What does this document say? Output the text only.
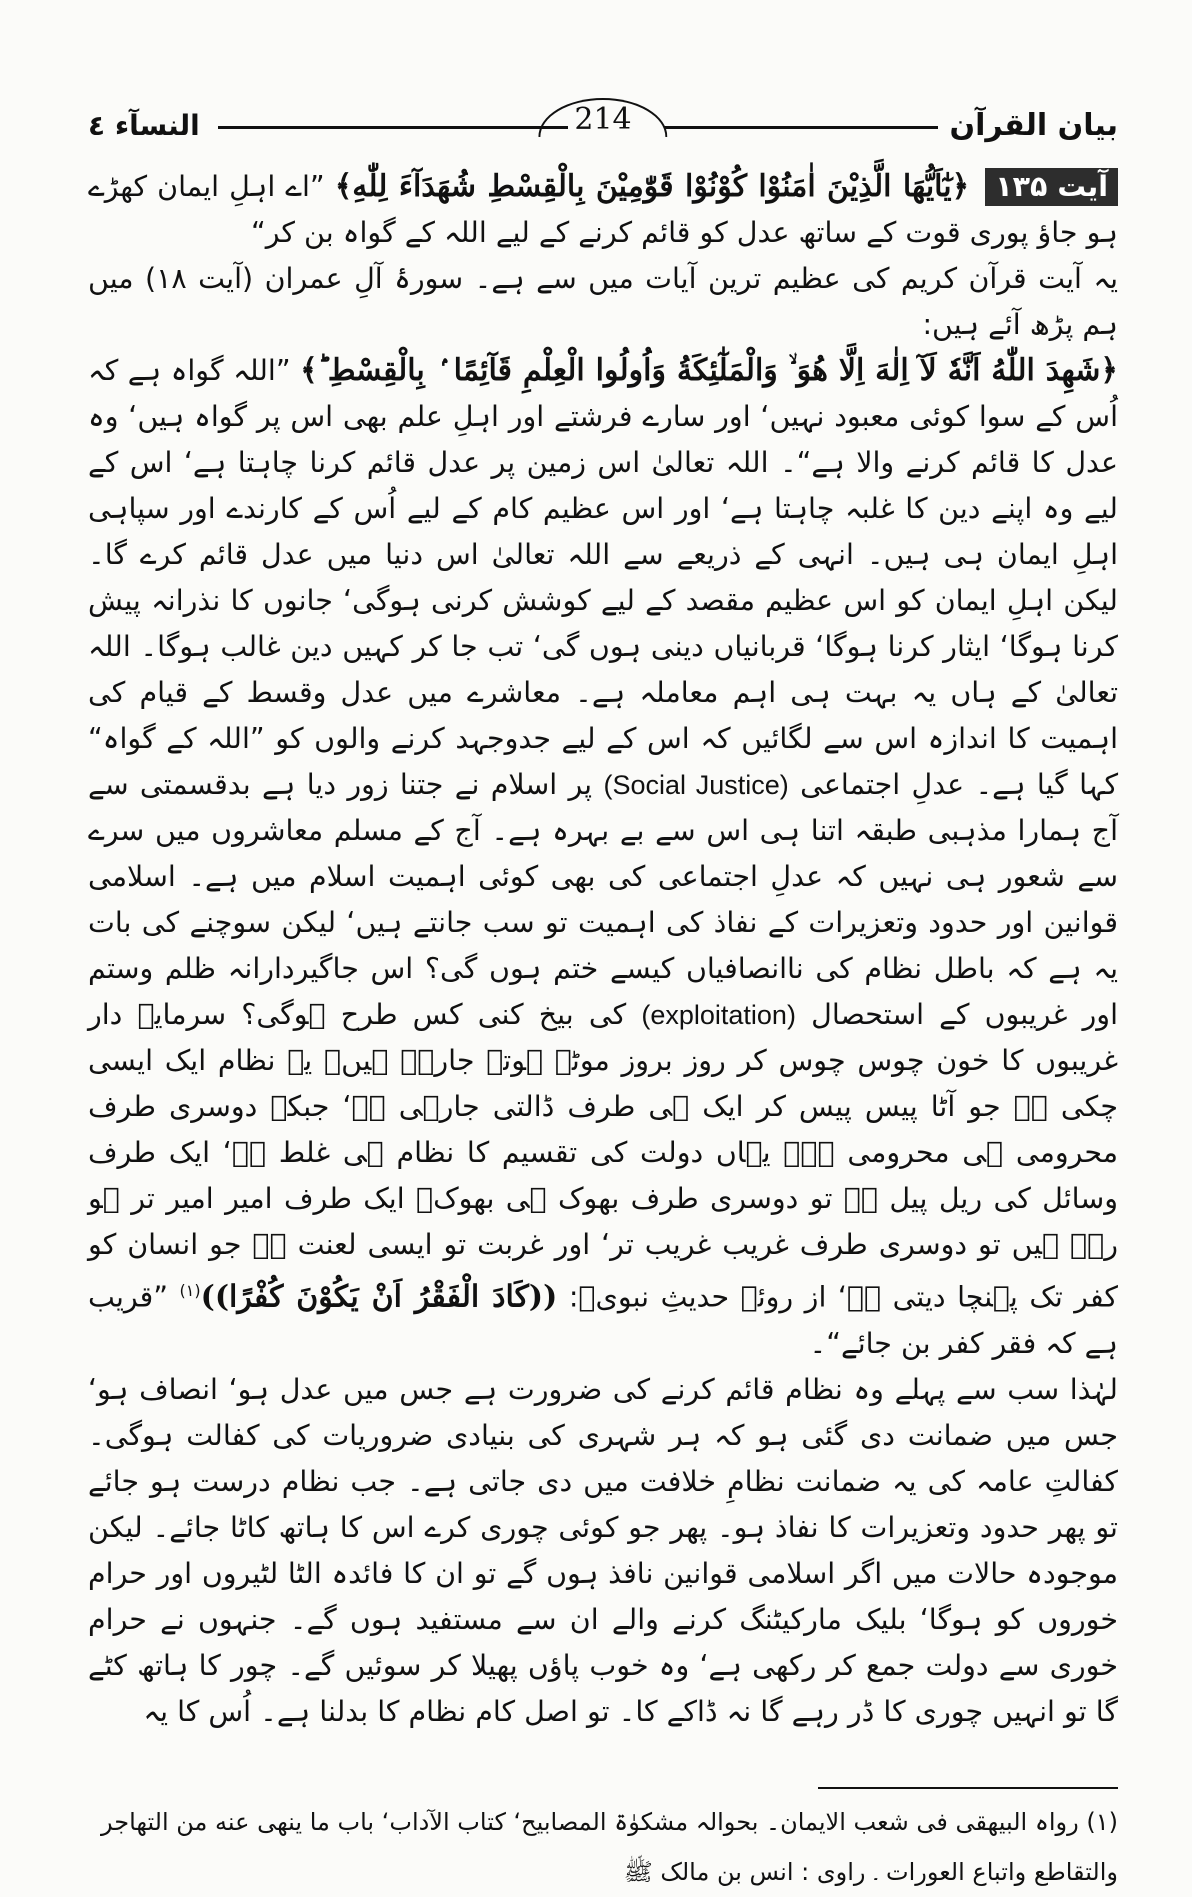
بیان القرآن
214
النسآء ٤

آیت ۱۳۵ ﴿يٰٓاَيُّهَا الَّذِيْنَ اٰمَنُوْا كُوْنُوْا قَوّٰمِيْنَ بِالْقِسْطِ شُهَدَآءَ لِلّٰهِ﴾ ”اے اہلِ ایمان کھڑے ہو جاؤ پوری قوت کے ساتھ عدل کو قائم کرنے کے لیے اللہ کے گواہ بن کر“

یہ آیت قرآن کریم کی عظیم ترین آیات میں سے ہے۔ سورۂ آلِ عمران (آیت ۱۸) میں ہم پڑھ آئے ہیں:

﴿شَهِدَ اللّٰهُ اَنَّهٗ لَآ اِلٰهَ اِلَّا هُوَ ۙ وَالْمَلٰٓئِكَةُ وَاُولُوا الْعِلْمِ قَآئِمًا ۢ بِالْقِسْطِ ؕ﴾ ”اللہ گواہ ہے کہ اُس کے سوا کوئی معبود نہیں‘ اور سارے فرشتے اور اہلِ علم بھی اس پر گواہ ہیں‘ وہ عدل کا قائم کرنے والا ہے“۔ اللہ تعالیٰ اس زمین پر عدل قائم کرنا چاہتا ہے‘ اس کے لیے وہ اپنے دین کا غلبہ چاہتا ہے‘ اور اس عظیم کام کے لیے اُس کے کارندے اور سپاہی اہلِ ایمان ہی ہیں۔ انہی کے ذریعے سے اللہ تعالیٰ اس دنیا میں عدل قائم کرے گا۔ لیکن اہلِ ایمان کو اس عظیم مقصد کے لیے کوشش کرنی ہوگی‘ جانوں کا نذرانہ پیش کرنا ہوگا‘ ایثار کرنا ہوگا‘ قربانیاں دینی ہوں گی‘ تب جا کر کہیں دین غالب ہوگا۔ اللہ تعالیٰ کے ہاں یہ بہت ہی اہم معاملہ ہے۔ معاشرے میں عدل وقسط کے قیام کی اہمیت کا اندازہ اس سے لگائیں کہ اس کے لیے جدوجہد کرنے والوں کو ”اللہ کے گواہ“ کہا گیا ہے۔ عدلِ اجتماعی (Social Justice) پر اسلام نے جتنا زور دیا ہے بدقسمتی سے آج ہمارا مذہبی طبقہ اتنا ہی اس سے بے بہرہ ہے۔ آج کے مسلم معاشروں میں سرے سے شعور ہی نہیں کہ عدلِ اجتماعی کی بھی کوئی اہمیت اسلام میں ہے۔ اسلامی قوانین اور حدود وتعزیرات کے نفاذ کی اہمیت تو سب جانتے ہیں‘ لیکن سوچنے کی بات یہ ہے کہ باطل نظام کی ناانصافیاں کیسے ختم ہوں گی؟ اس جاگیردارانہ ظلم وستم اور غریبوں کے استحصال (exploitation) کی بیخ کنی کس طرح ہوگی؟ سرمایہ دار غریبوں کا خون چوس چوس کر روز بروز موٹے ہوتے جارہے ہیں۔ یہ نظام ایک ایسی چکی ہے جو آٹا پیس پیس کر ایک ہی طرف ڈالتی جارہی ہے‘ جبکہ دوسری طرف محرومی ہی محرومی ہے۔ یہاں دولت کی تقسیم کا نظام ہی غلط ہے‘ ایک طرف وسائل کی ریل پیل ہے تو دوسری طرف بھوک ہی بھوک۔ ایک طرف امیر امیر تر ہو رہے ہیں تو دوسری طرف غریب غریب تر‘ اور غربت تو ایسی لعنت ہے جو انسان کو کفر تک پہنچا دیتی ہے‘ از روئے حدیثِ نبویؐ: ((كَادَ الْفَقْرُ اَنْ يَكُوْنَ كُفْرًا))$^{(۱)}$ ”قریب ہے کہ فقر کفر بن جائے“۔

لہٰذا سب سے پہلے وہ نظام قائم کرنے کی ضرورت ہے جس میں عدل ہو‘ انصاف ہو‘ جس میں ضمانت دی گئی ہو کہ ہر شہری کی بنیادی ضروریات کی کفالت ہوگی۔ کفالتِ عامہ کی یہ ضمانت نظامِ خلافت میں دی جاتی ہے۔ جب نظام درست ہو جائے تو پھر حدود وتعزیرات کا نفاذ ہو۔ پھر جو کوئی چوری کرے اس کا ہاتھ کاٹا جائے۔ لیکن موجودہ حالات میں اگر اسلامی قوانین نافذ ہوں گے تو ان کا فائدہ الٹا لٹیروں اور حرام خوروں کو ہوگا‘ بلیک مارکیٹنگ کرنے والے ان سے مستفید ہوں گے۔ جنہوں نے حرام خوری سے دولت جمع کر رکھی ہے‘ وہ خوب پاؤں پھیلا کر سوئیں گے۔ چور کا ہاتھ کٹے گا تو انہیں چوری کا ڈر رہے گا نہ ڈاکے کا۔ تو اصل کام نظام کا بدلنا ہے۔ اُس کا یہ

(۱) رواہ البیھقی فی شعب الایمان۔ بحوالہ مشکوٰۃ المصابیح‘ کتاب الآداب‘ باب ما ینھی عنه من التھاجر

والتقاطع واتباع العورات ۔ راوی : انس بن مالک ﷺ
